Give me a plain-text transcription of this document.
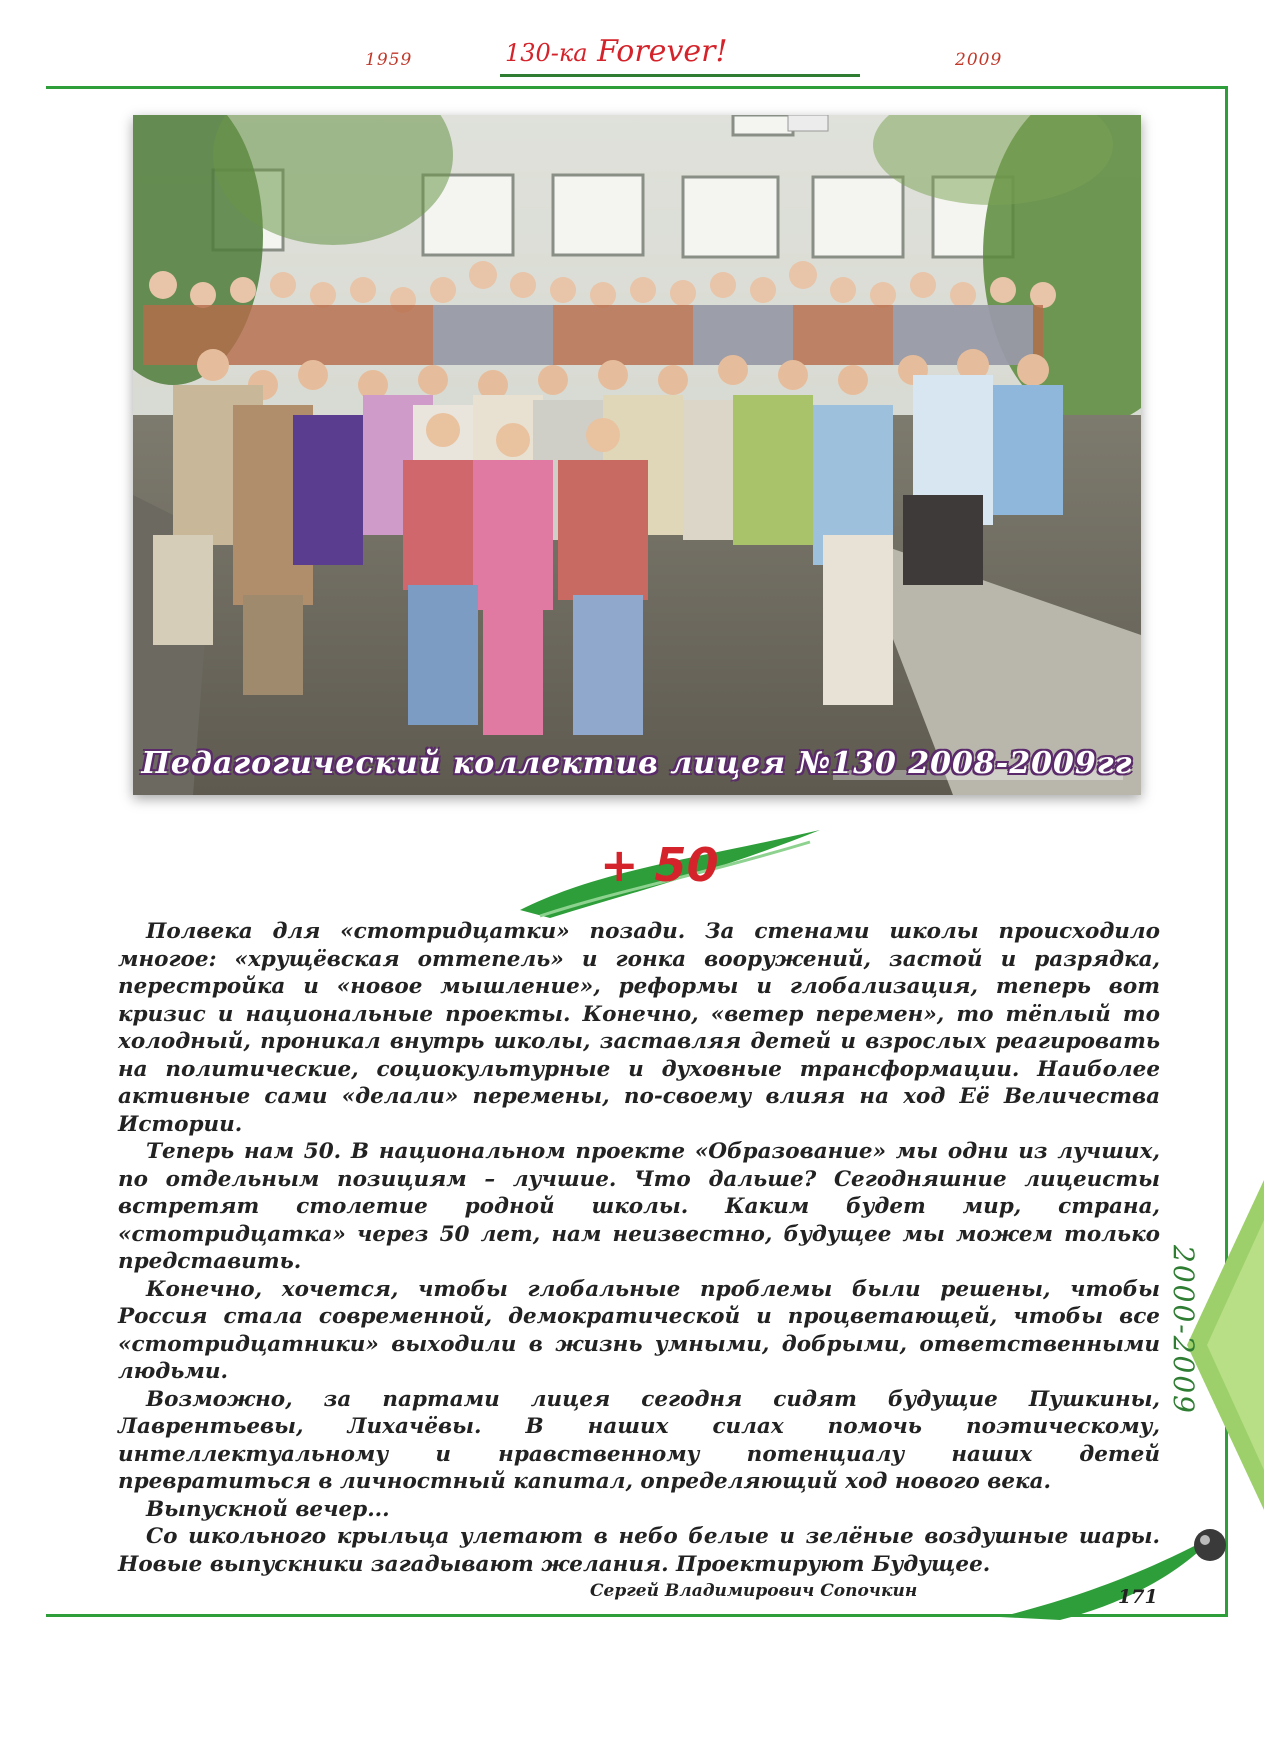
1959	130-ка Forever!	2009
Педагогический коллектив лицея №130 2008-2009гг
+ 50

Полвека для «стотридцатки» позади. За стенами школы происходило многое: «хрущёвская оттепель» и гонка вооружений, застой и разрядка, перестройка и «новое мышление», реформы и глобализация, теперь вот кризис и национальные проекты. Конечно, «ветер перемен», то тёплый то холодный, проникал внутрь школы, заставляя детей и взрослых реагировать на политические, социокультурные и духовные трансформации. Наиболее активные сами «делали» перемены, по-своему влияя на ход Её Величества Истории.

Теперь нам 50. В национальном проекте «Образование» мы одни из лучших, по отдельным позициям – лучшие. Что дальше? Сегодняшние лицеисты встретят столетие родной школы. Каким будет мир, страна, «стотридцатка» через 50 лет, нам неизвестно, будущее мы можем только представить.

Конечно, хочется, чтобы глобальные проблемы были решены, чтобы Россия стала современной, демократической и процветающей, чтобы все «стотридцатники» выходили в жизнь умными, добрыми, ответственными людьми.

Возможно, за партами лицея сегодня сидят будущие Пушкины, Лаврентьевы, Лихачёвы. В наших силах помочь поэтическому, интеллектуальному и нравственному потенциалу наших детей превратиться в личностный капитал, определяющий ход нового века.

Выпускной вечер...

Со школьного крыльца улетают в небо белые и зелёные воздушные шары. Новые выпускники загадывают желания. Проектируют Будущее.

Сергей Владимирович Сопочкин
2000-2009
171
